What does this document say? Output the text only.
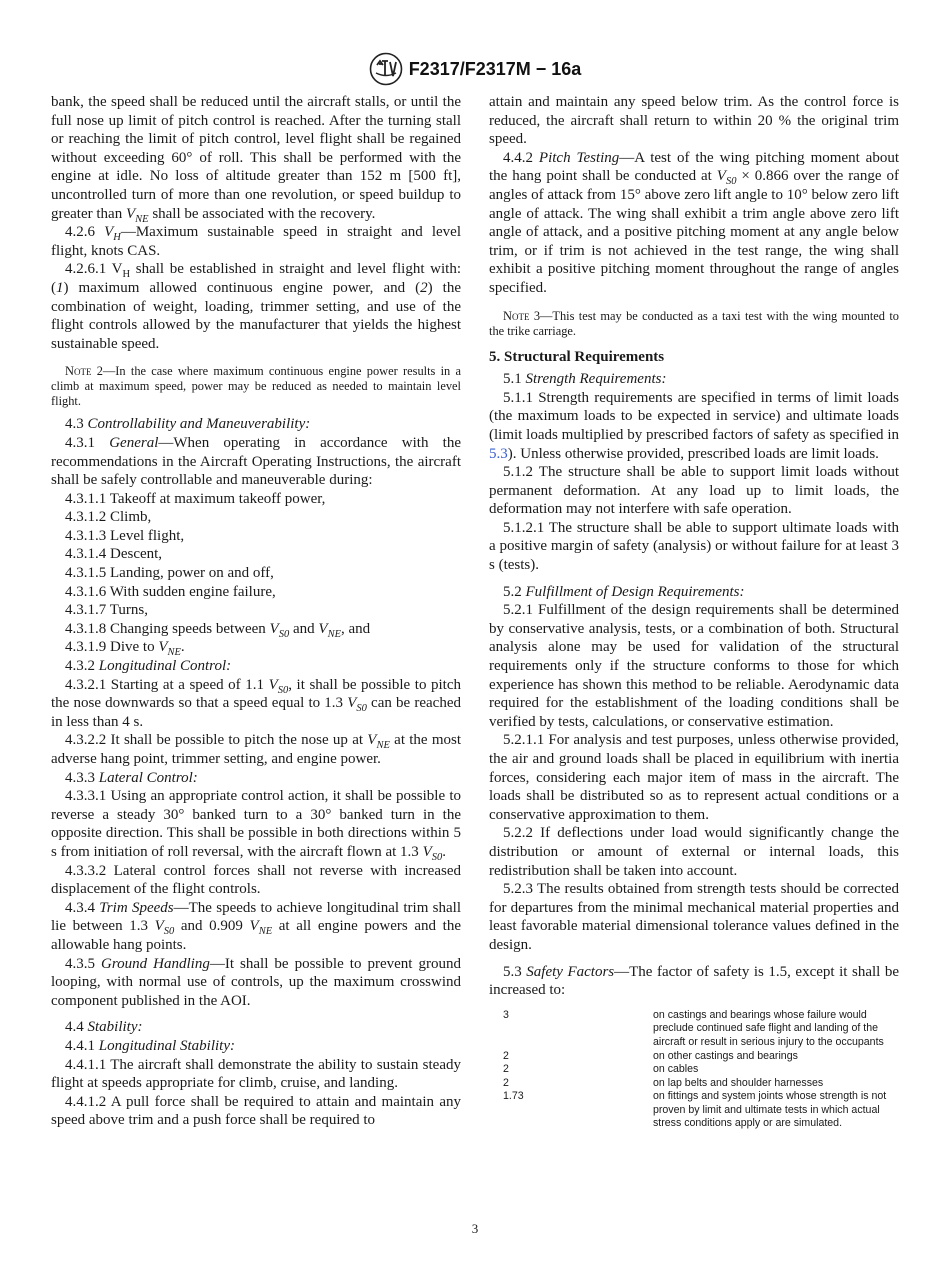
F2317/F2317M − 16a

bank, the speed shall be reduced until the aircraft stalls, or until the full nose up limit of pitch control is reached. After the turning stall or reaching the limit of pitch control, level flight shall be regained without exceeding 60° of roll. This shall be performed with the engine at idle. No loss of altitude greater than 152 m [500 ft], uncontrolled turn of more than one revolution, or speed buildup to greater than $V_{NE}$ shall be associated with the recovery.

4.2.6 $V_H—Maximum$ sustainable speed in straight and level flight, knots CAS.

4.2.6.1 $V_H$ shall be established in straight and level flight with: (1) maximum allowed continuous engine power, and (2) the combination of weight, loading, trimmer setting, and use of the flight controls allowed by the manufacturer that yields the highest sustainable speed.

Note 2—In the case where maximum continuous engine power results in a climb at maximum speed, power may be reduced as needed to maintain level flight.

4.3 Controllability and Maneuverability:

4.3.1 General—When operating in accordance with the recommendations in the Aircraft Operating Instructions, the aircraft shall be safely controllable and maneuverable during:

4.3.1.1 Takeoff at maximum takeoff power,

4.3.1.2 Climb,

4.3.1.3 Level flight,

4.3.1.4 Descent,

4.3.1.5 Landing, power on and off,

4.3.1.6 With sudden engine failure,

4.3.1.7 Turns,

4.3.1.8 Changing speeds between $V_{S0}$ and $V_{NE}$, and

4.3.1.9 Dive to $V_{NE}$.

4.3.2 Longitudinal Control:

4.3.2.1 Starting at a speed of 1.1 $V_{S0}$, it shall be possible to pitch the nose downwards so that a speed equal to 1.3 $V_{S0}$ can be reached in less than 4 s.

4.3.2.2 It shall be possible to pitch the nose up at $V_{NE}$ at the most adverse hang point, trimmer setting, and engine power.

4.3.3 Lateral Control:

4.3.3.1 Using an appropriate control action, it shall be possible to reverse a steady 30° banked turn to a 30° banked turn in the opposite direction. This shall be possible in both directions within 5 s from initiation of roll reversal, with the aircraft flown at 1.3 $V_{S0}$.

4.3.3.2 Lateral control forces shall not reverse with increased displacement of the flight controls.

4.3.4 Trim Speeds—The speeds to achieve longitudinal trim shall lie between 1.3 $V_{S0}$ and 0.909 $V_{NE}$ at all engine powers and the allowable hang points.

4.3.5 Ground Handling—It shall be possible to prevent ground looping, with normal use of controls, up the maximum crosswind component published in the AOI.

4.4 Stability:

4.4.1 Longitudinal Stability:

4.4.1.1 The aircraft shall demonstrate the ability to sustain steady flight at speeds appropriate for climb, cruise, and landing.

4.4.1.2 A pull force shall be required to attain and maintain any speed above trim and a push force shall be required to

attain and maintain any speed below trim. As the control force is reduced, the aircraft shall return to within 20 % the original trim speed.

4.4.2 Pitch Testing—A test of the wing pitching moment about the hang point shall be conducted at $V_{S0} \times 0.866$ over the range of angles of attack from 15° above zero lift angle to 10° below zero lift angle of attack. The wing shall exhibit a trim angle above zero lift angle of attack, and a positive pitching moment at any angle below trim, or if trim is not achieved in the test range, the wing shall exhibit a positive pitching moment throughout the range of angles specified.

Note 3—This test may be conducted as a taxi test with the wing mounted to the trike carriage.

5. Structural Requirements

5.1 Strength Requirements:

5.1.1 Strength requirements are specified in terms of limit loads (the maximum loads to be expected in service) and ultimate loads (limit loads multiplied by prescribed factors of safety as specified in 5.3). Unless otherwise provided, prescribed loads are limit loads.

5.1.2 The structure shall be able to support limit loads without permanent deformation. At any load up to limit loads, the deformation may not interfere with safe operation.

5.1.2.1 The structure shall be able to support ultimate loads with a positive margin of safety (analysis) or without failure for at least 3 s (tests).

5.2 Fulfillment of Design Requirements:

5.2.1 Fulfillment of the design requirements shall be determined by conservative analysis, tests, or a combination of both. Structural analysis alone may be used for validation of the structural requirements only if the structure conforms to those for which experience has shown this method to be reliable. Aerodynamic data required for the establishment of the loading conditions shall be verified by tests, calculations, or conservative estimation.

5.2.1.1 For analysis and test purposes, unless otherwise provided, the air and ground loads shall be placed in equilibrium with inertia forces, considering each major item of mass in the aircraft. The loads shall be distributed so as to represent actual conditions or a conservative approximation to them.

5.2.2 If deflections under load would significantly change the distribution or amount of external or internal loads, this redistribution shall be taken into account.

5.2.3 The results obtained from strength tests should be corrected for departures from the minimal mechanical material properties and least favorable material dimensional tolerance values defined in the design.

5.3 Safety Factors—The factor of safety is 1.5, except it shall be increased to:

3	on castings and bearings whose failure would preclude continued safe flight and landing of the aircraft or result in serious injury to the occupants
2	on other castings and bearings
2	on cables
2	on lap belts and shoulder harnesses
1.73	on fittings and system joints whose strength is not proven by limit and ultimate tests in which actual stress conditions apply or are simulated.
3
